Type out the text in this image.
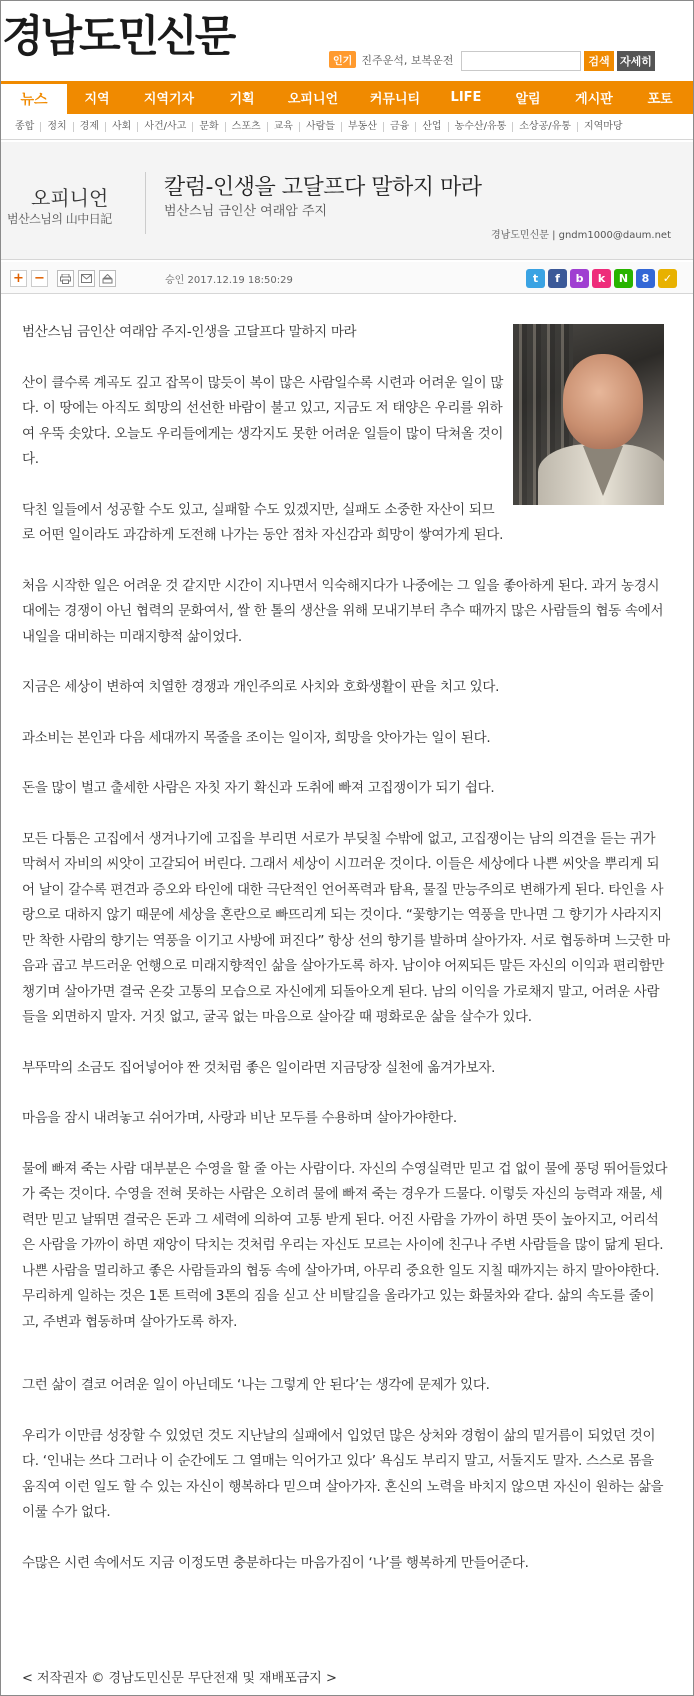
경남도민신문	인기 진주운석, 보복운전	검색 자세히
뉴스	지역	지역기자	기획	오피니언	커뮤니티	LIFE	알림	게시판	포토
종합	정치	경제	사회	사건/사고	문화	스포츠	교육	사람들	부동산	금융	산업	농수산/유통	소상공/유통	지역마당
오피니언
범산스님의 山中日記
칼럼-인생을 고달프다 말하지 마라
범산스님 금인산 여래암 주지
경남도민신문 | gndm1000@daum.net
+ −	승인 2017.12.19 18:50:29	t	f	b	k	N	8	✓

범산스님 금인산 여래암 주지-인생을 고달프다 말하지 마라

산이 클수록 계곡도 깊고 잡목이 많듯이 복이 많은 사람일수록 시련과 어려운 일이 많다. 이 땅에는 아직도 희망의 선선한 바람이 불고 있고, 지금도 저 태양은 우리를 위하여 우뚝 솟았다. 오늘도 우리들에게는 생각지도 못한 어려운 일들이 많이 닥쳐올 것이다.

닥친 일들에서 성공할 수도 있고, 실패할 수도 있겠지만, 실패도 소중한 자산이 되므로 어떤 일이라도 과감하게 도전해 나가는 동안 점차 자신감과 희망이 쌓여가게 된다.

처음 시작한 일은 어려운 것 같지만 시간이 지나면서 익숙해지다가 나중에는 그 일을 좋아하게 된다. 과거 농경시대에는 경쟁이 아닌 협력의 문화여서, 쌀 한 톨의 생산을 위해 모내기부터 추수 때까지 많은 사람들의 협동 속에서 내일을 대비하는 미래지향적 삶이었다.

지금은 세상이 변하여 치열한 경쟁과 개인주의로 사치와 호화생활이 판을 치고 있다.

과소비는 본인과 다음 세대까지 목줄을 조이는 일이자, 희망을 앗아가는 일이 된다.

돈을 많이 벌고 출세한 사람은 자칫 자기 확신과 도취에 빠져 고집쟁이가 되기 쉽다.

모든 다툼은 고집에서 생겨나기에 고집을 부리면 서로가 부딪칠 수밖에 없고, 고집쟁이는 남의 의견을 듣는 귀가 막혀서 자비의 씨앗이 고갈되어 버린다. 그래서 세상이 시끄러운 것이다. 이들은 세상에다 나쁜 씨앗을 뿌리게 되어 날이 갈수록 편견과 증오와 타인에 대한 극단적인 언어폭력과 탐욕, 물질 만능주의로 변해가게 된다. 타인을 사랑으로 대하지 않기 때문에 세상을 혼란으로 빠뜨리게 되는 것이다. “꽃향기는 역풍을 만나면 그 향기가 사라지지만 착한 사람의 향기는 역풍을 이기고 사방에 퍼진다” 항상 선의 향기를 발하며 살아가자. 서로 협동하며 느긋한 마음과 곱고 부드러운 언행으로 미래지향적인 삶을 살아가도록 하자. 남이야 어찌되든 말든 자신의 이익과 편리함만 챙기며 살아가면 결국 온갖 고통의 모습으로 자신에게 되돌아오게 된다. 남의 이익을 가로채지 말고, 어려운 사람들을 외면하지 말자. 거짓 없고, 굴곡 없는 마음으로 살아갈 때 평화로운 삶을 살수가 있다.

부뚜막의 소금도 집어넣어야 짠 것처럼 좋은 일이라면 지금당장 실천에 옮겨가보자.

마음을 잠시 내려놓고 쉬어가며, 사랑과 비난 모두를 수용하며 살아가야한다.

물에 빠져 죽는 사람 대부분은 수영을 할 줄 아는 사람이다. 자신의 수영실력만 믿고 겁 없이 물에 풍덩 뛰어들었다가 죽는 것이다. 수영을 전혀 못하는 사람은 오히려 물에 빠져 죽는 경우가 드물다. 이렇듯 자신의 능력과 재물, 세력만 믿고 날뛰면 결국은 돈과 그 세력에 의하여 고통 받게 된다. 어진 사람을 가까이 하면 뜻이 높아지고, 어리석은 사람을 가까이 하면 재앙이 닥치는 것처럼 우리는 자신도 모르는 사이에 친구나 주변 사람들을 많이 닮게 된다. 나쁜 사람을 멀리하고 좋은 사람들과의 협동 속에 살아가며, 아무리 중요한 일도 지칠 때까지는 하지 말아야한다. 무리하게 일하는 것은 1톤 트럭에 3톤의 짐을 싣고 산 비탈길을 올라가고 있는 화물차와 같다. 삶의 속도를 줄이고, 주변과 협동하며 살아가도록 하자.

그런 삶이 결코 어려운 일이 아닌데도 ‘나는 그렇게 안 된다’는 생각에 문제가 있다.

우리가 이만큼 성장할 수 있었던 것도 지난날의 실패에서 입었던 많은 상처와 경험이 삶의 밑거름이 되었던 것이다. ‘인내는 쓰다 그러나 이 순간에도 그 열매는 익어가고 있다’ 욕심도 부리지 말고, 서둘지도 말자. 스스로 몸을 움직여 이런 일도 할 수 있는 자신이 행복하다 믿으며 살아가자. 혼신의 노력을 바치지 않으면 자신이 원하는 삶을 이룰 수가 없다.

수많은 시련 속에서도 지금 이정도면 충분하다는 마음가짐이 ‘나’를 행복하게 만들어준다.

< 저작권자 © 경남도민신문 무단전재 및 재배포금지 >
